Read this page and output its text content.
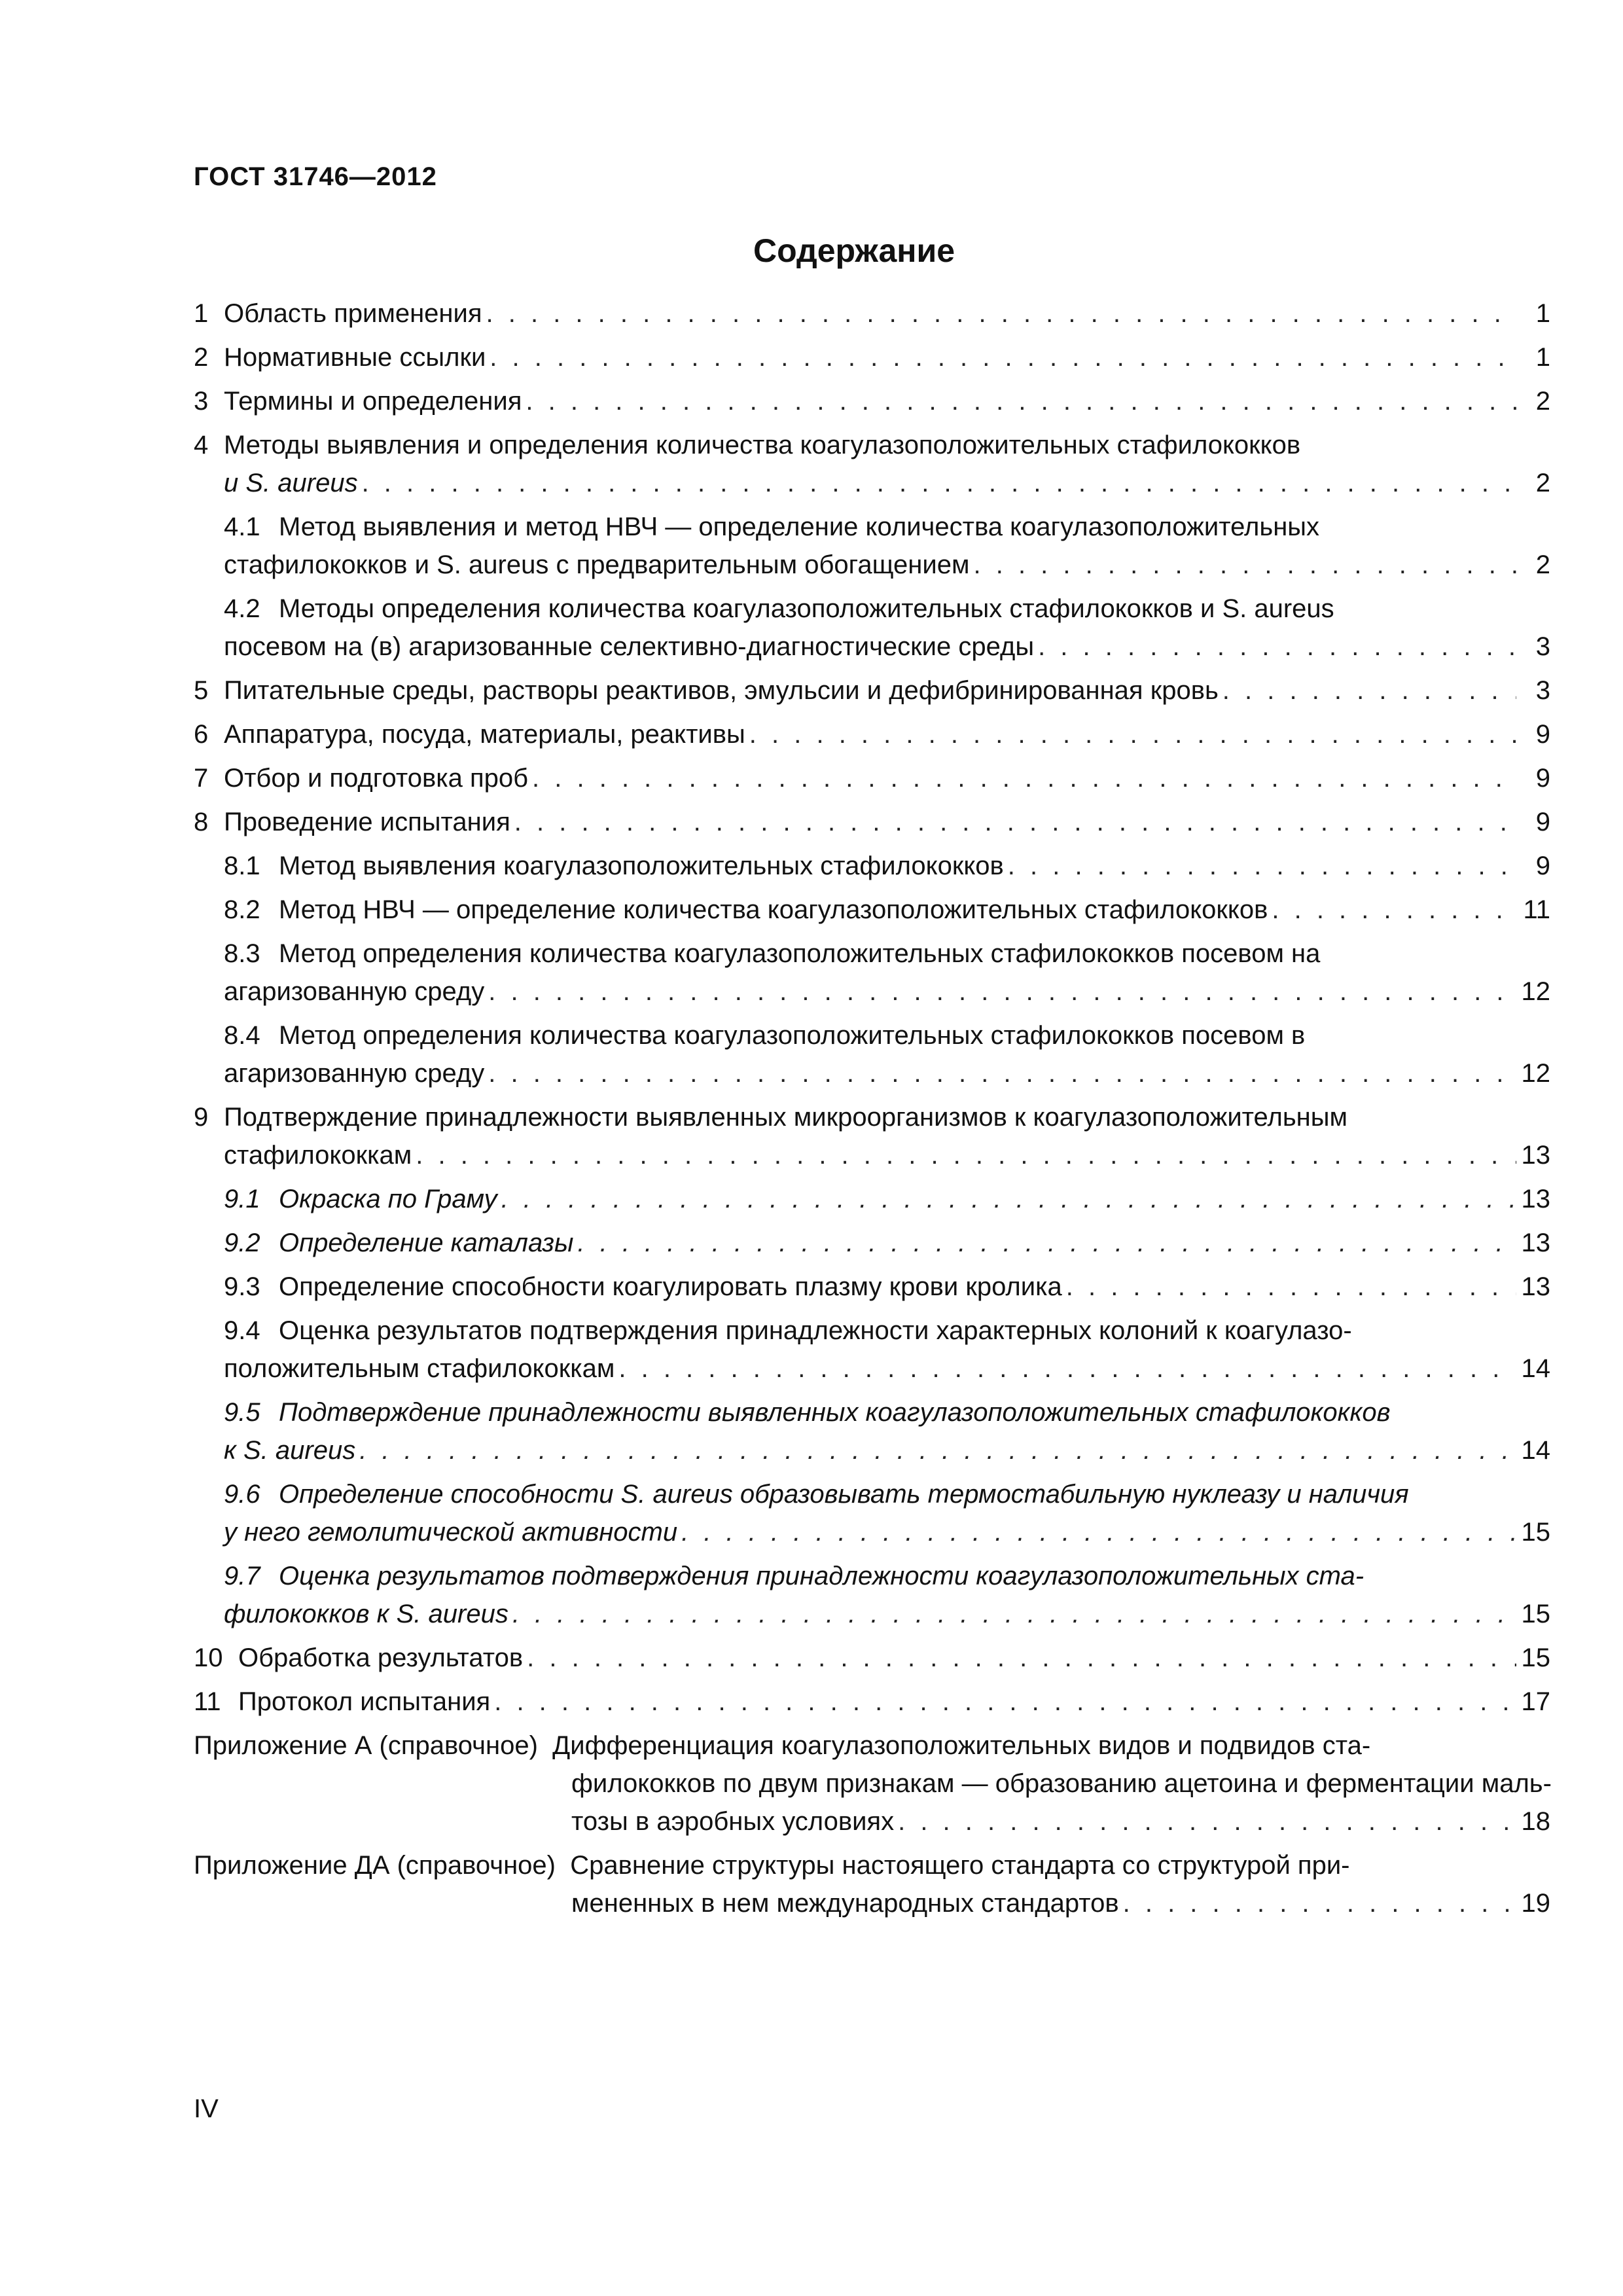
ГОСТ 31746—2012
Содержание
1 Область применения . . .	1
2 Нормативные ссылки . . .	1
3 Термины и определения . . .	2
4 Методы выявления и определения количества коагулазоположительных стафилококков
и S. aureus . . .	2
4.1 Метод выявления и метод НВЧ — определение количества коагулазоположительных
стафилококков и S. aureus с предварительным обогащением . . .	2
4.2 Методы определения количества коагулазоположительных стафилококков и S. aureus
посевом на (в) агаризованные селективно-диагностические среды . . .	3
5 Питательные среды, растворы реактивов, эмульсии и дефибринированная кровь . . .	3
6 Аппаратура, посуда, материалы, реактивы . . .	9
7 Отбор и подготовка проб . . .	9
8 Проведение испытания . . .	9
8.1 Метод выявления коагулазоположительных стафилококков . . .	9
8.2 Метод НВЧ — определение количества коагулазоположительных стафилококков . . .	11
8.3 Метод определения количества коагулазоположительных стафилококков посевом на
агаризованную среду . . .	12
8.4 Метод определения количества коагулазоположительных стафилококков посевом в
агаризованную среду . . .	12
9 Подтверждение принадлежности выявленных микроорганизмов к коагулазоположительным
стафилококкам . . .	13
9.1 Окраска по Граму . . .	13
9.2 Определение каталазы . . .	13
9.3 Определение способности коагулировать плазму крови кролика . . .	13
9.4 Оценка результатов подтверждения принадлежности характерных колоний к коагулазо-
положительным стафилококкам . . .	14
9.5 Подтверждение принадлежности выявленных коагулазоположительных стафилококков
к S. aureus . . .	14
9.6 Определение способности S. aureus образовывать термостабильную нуклеазу и наличия
у него гемолитической активности . . .	15
9.7 Оценка результатов подтверждения принадлежности коагулазоположительных ста-
филококков к S. aureus . . .	15
10 Обработка результатов . . .	15
11 Протокол испытания . . .	17
Приложение А (справочное) Дифференциация коагулазоположительных видов и подвидов ста-
филококков по двум признакам — образованию ацетоина и ферментации маль-
тозы в аэробных условиях . . .	18
Приложение ДА (справочное) Сравнение структуры настоящего стандарта со структурой при-
мененных в нем международных стандартов . . .	19
IV
